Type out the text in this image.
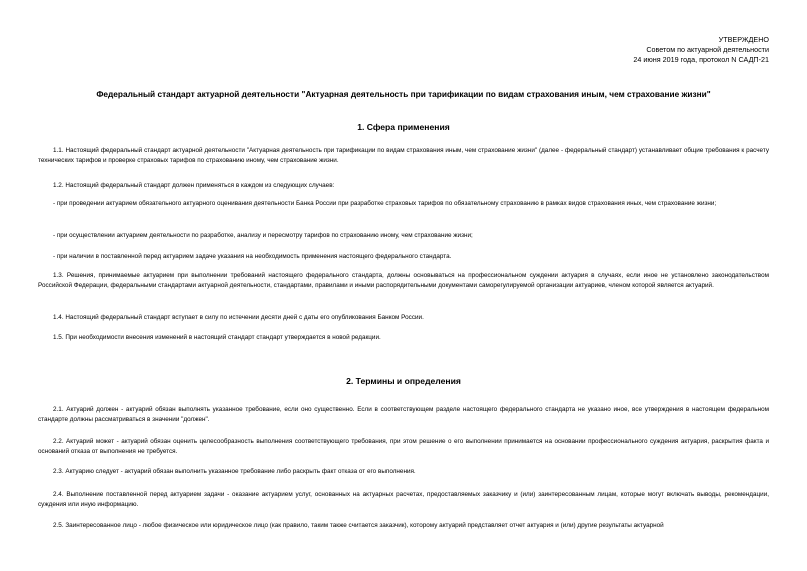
УТВЕРЖДЕНО
Советом по актуарной деятельности
24 июня 2019 года, протокол N САДП-21
Федеральный стандарт актуарной деятельности "Актуарная деятельность при тарификации по видам страхования иным, чем страхование жизни"
1. Сфера применения
1.1. Настоящий федеральный стандарт актуарной деятельности "Актуарная деятельность при тарификации по видам страхования иным, чем страхование жизни" (далее - федеральный стандарт) устанавливает общие требования к расчету технических тарифов и проверке страховых тарифов по страхованию иному, чем страхование жизни.
1.2. Настоящий федеральный стандарт должен применяться в каждом из следующих случаев:
- при проведении актуарием обязательного актуарного оценивания деятельности Банка России при разработке страховых тарифов по обязательному страхованию в рамках видов страхования иных, чем страхование жизни;
- при осуществлении актуарием деятельности по разработке, анализу и пересмотру тарифов по страхованию иному, чем страхование жизни;
- при наличии в поставленной перед актуарием задаче указания на необходимость применения настоящего федерального стандарта.
1.3. Решения, принимаемые актуарием при выполнении требований настоящего федерального стандарта, должны основываться на профессиональном суждении актуария в случаях, если иное не установлено законодательством Российской Федерации, федеральными стандартами актуарной деятельности, стандартами, правилами и иными распорядительными документами саморегулируемой организации актуариев, членом которой является актуарий.
1.4. Настоящий федеральный стандарт вступает в силу по истечении десяти дней с даты его опубликования Банком России.
1.5. При необходимости внесения изменений в настоящий стандарт стандарт утверждается в новой редакции.
2. Термины и определения
2.1. Актуарий должен - актуарий обязан выполнять указанное требование, если оно существенно. Если в соответствующем разделе настоящего федерального стандарта не указано иное, все утверждения в настоящем федеральном стандарте должны рассматриваться в значении "должен".
2.2. Актуарий может - актуарий обязан оценить целесообразность выполнения соответствующего требования, при этом решение о его выполнении принимается на основании профессионального суждения актуария, раскрытия факта и оснований отказа от выполнения не требуется.
2.3. Актуарию следует - актуарий обязан выполнить указанное требование либо раскрыть факт отказа от его выполнения.
2.4. Выполнение поставленной перед актуарием задачи - оказание актуарием услуг, основанных на актуарных расчетах, предоставляемых заказчику и (или) заинтересованным лицам, которые могут включать выводы, рекомендации, суждения или иную информацию.
2.5. Заинтересованное лицо - любое физическое или юридическое лицо (как правило, таким также считается заказчик), которому актуарий представляет отчет актуария и (или) другие результаты актуарной
